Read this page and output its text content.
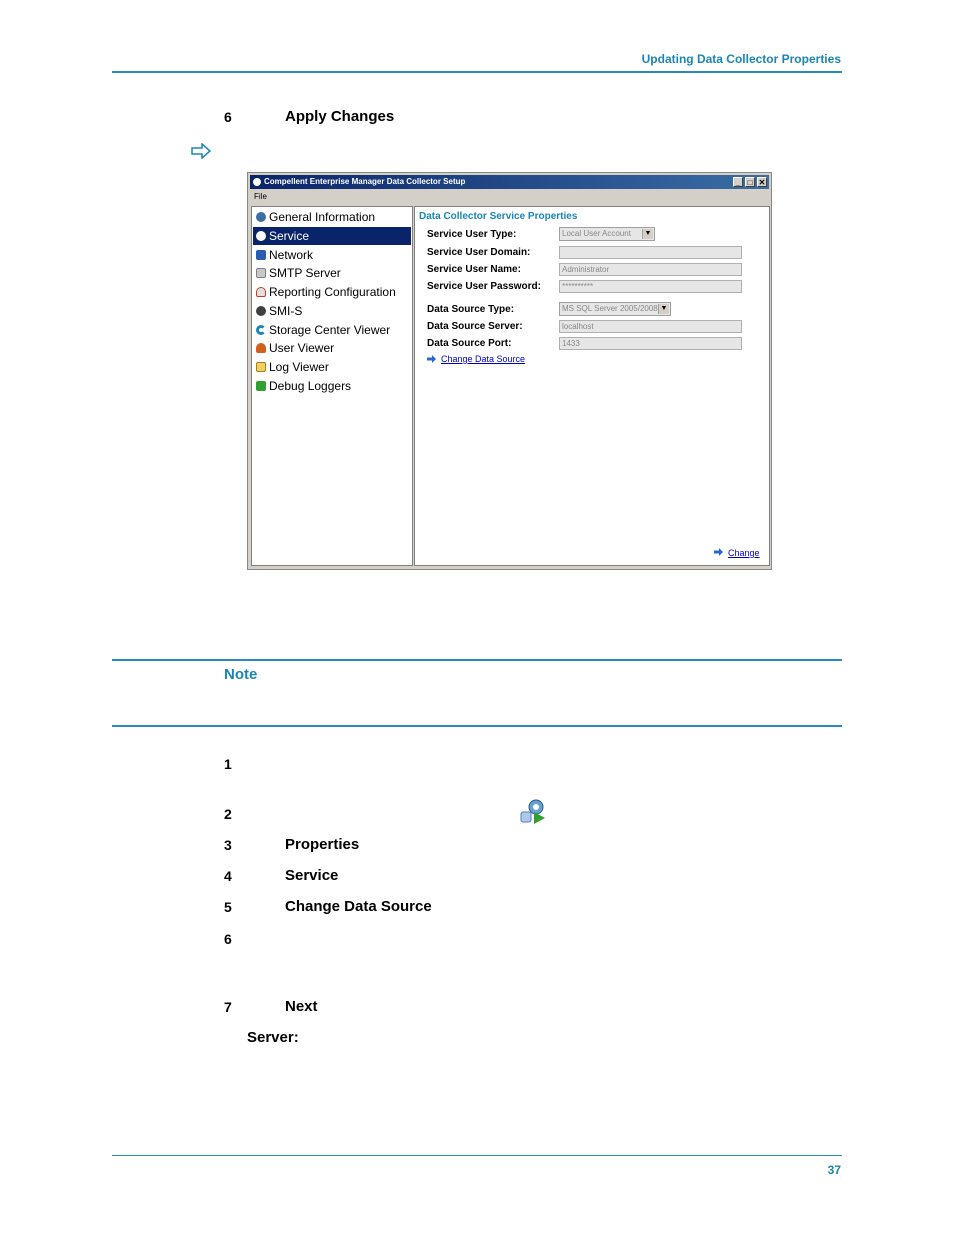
Updating Data Collector Properties
6	Apply Changes
Compellent Enterprise Manager Data Collector Setup	_ □ ✕
File
General Information
Service
Network
SMTP Server
Reporting Configuration
SMI-S
Storage Center Viewer
User Viewer
Log Viewer
Debug Loggers
Data Collector Service Properties
Service User Type:	Local User Account	▼
Service User Domain:
Service User Name:	Administrator
Service User Password:	**********
Data Source Type:	MS SQL Server 2005/2008 ▼
Data Source Server:	localhost
Data Source Port:	1433
Change Data Source
Change
Note
1
2
3	Properties
4	Service
5	Change Data Source
6
7	Next
Server:
37
